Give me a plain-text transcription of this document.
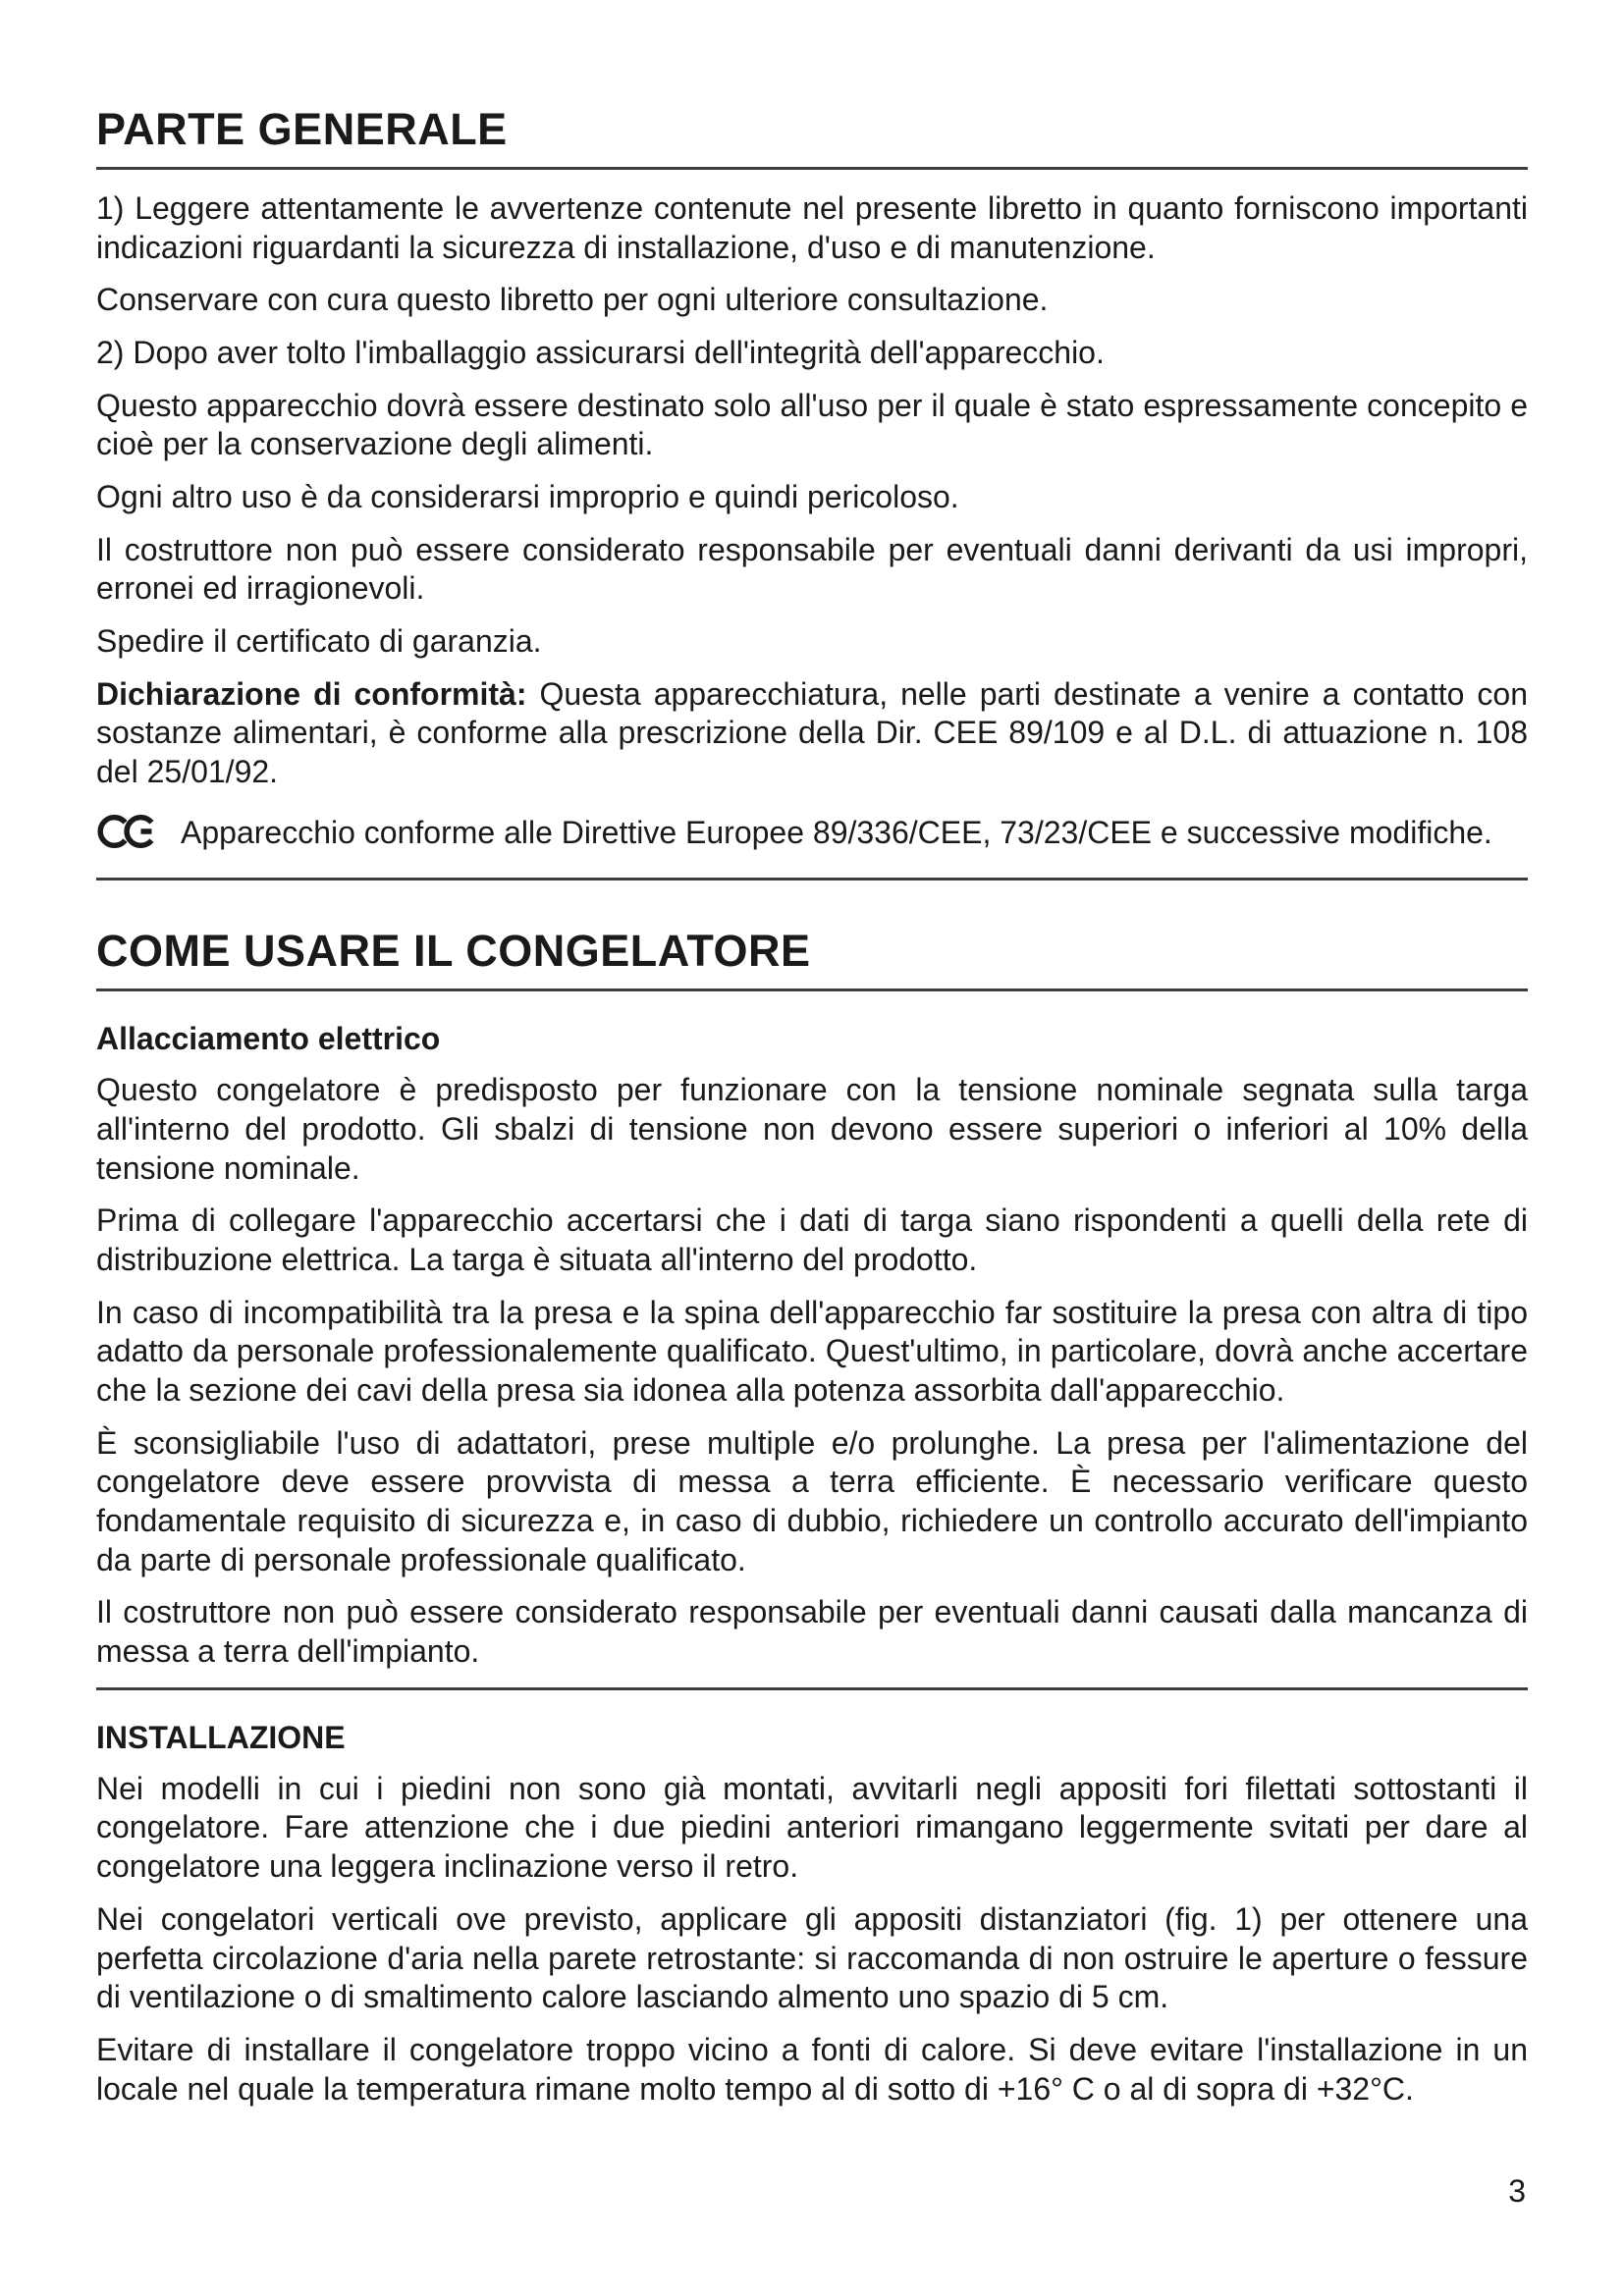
PARTE GENERALE

1) Leggere attentamente le avvertenze contenute nel presente libretto in quanto forniscono importanti indicazioni riguardanti la sicurezza di installazione, d'uso e di manutenzione.

Conservare con cura questo libretto per ogni ulteriore consultazione.

2) Dopo aver tolto l'imballaggio assicurarsi dell'integrità dell'apparecchio.

Questo apparecchio dovrà essere destinato solo all'uso per il quale è stato espressamente concepito e cioè per la conservazione degli alimenti.

Ogni altro uso è da considerarsi improprio e quindi pericoloso.

Il costruttore non può essere considerato responsabile per eventuali danni derivanti da usi impropri, erronei ed irragionevoli.

Spedire il certificato di garanzia.

Dichiarazione di conformità: Questa apparecchiatura, nelle parti destinate a venire a contatto con sostanze alimentari, è conforme alla prescrizione della Dir. CEE 89/109 e al D.L. di attuazione n. 108 del 25/01/92.

Apparecchio conforme alle Direttive Europee 89/336/CEE, 73/23/CEE e successive modifiche.

COME USARE IL CONGELATORE
Allacciamento elettrico

Questo congelatore è predisposto per funzionare con la tensione nominale segnata sulla targa all'interno del prodotto. Gli sbalzi di tensione non devono essere superiori o inferiori al 10% della tensione nominale.

Prima di collegare l'apparecchio accertarsi che i dati di targa siano rispondenti a quelli della rete di distribuzione elettrica. La targa è situata all'interno del prodotto.

In caso di incompatibilità tra la presa e la spina dell'apparecchio far sostituire la presa con altra di tipo adatto da personale professionalemente qualificato. Quest'ultimo, in particolare, dovrà anche accertare che la sezione dei cavi della presa sia idonea alla potenza assorbita dall'apparecchio.

È sconsigliabile l'uso di adattatori, prese multiple e/o prolunghe. La presa per l'alimentazione del congelatore deve essere provvista di messa a terra efficiente. È necessario verificare questo fondamentale requisito di sicurezza e, in caso di dubbio, richiedere un controllo accurato dell'impianto da parte di personale professionale qualificato.

Il costruttore non può essere considerato responsabile per eventuali danni causati dalla mancanza di messa a terra dell'impianto.

INSTALLAZIONE

Nei modelli in cui i piedini non sono già montati, avvitarli negli appositi fori filettati sottostanti il congelatore. Fare attenzione che i due piedini anteriori rimangano leggermente svitati per dare al congelatore una leggera inclinazione verso il retro.

Nei congelatori verticali ove previsto, applicare gli appositi distanziatori (fig. 1) per ottenere una perfetta circolazione d'aria nella parete retrostante: si raccomanda di non ostruire le aperture o fessure di ventilazione o di smaltimento calore lasciando almento uno spazio di 5 cm.

Evitare di installare il congelatore troppo vicino a fonti di calore. Si deve evitare l'installazione in un locale nel quale la temperatura rimane molto tempo al di sotto di +16° C o al di sopra di +32°C.

3
